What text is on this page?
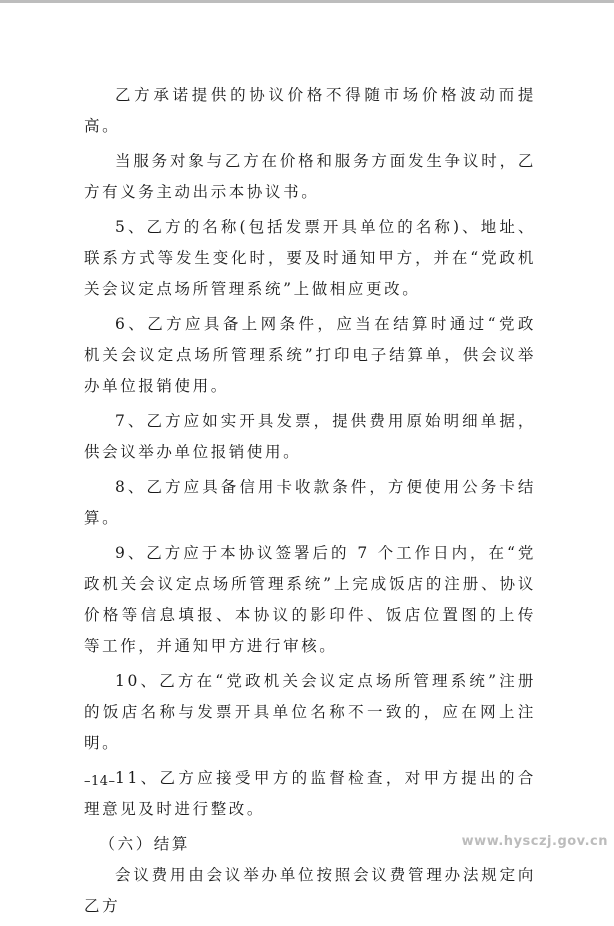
乙方承诺提供的协议价格不得随市场价格波动而提高。

当服务对象与乙方在价格和服务方面发生争议时，乙方有义务主动出示本协议书。

5、乙方的名称(包括发票开具单位的名称)、地址、联系方式等发生变化时，要及时通知甲方，并在“党政机关会议定点场所管理系统”上做相应更改。

6、乙方应具备上网条件，应当在结算时通过“党政机关会议定点场所管理系统”打印电子结算单，供会议举办单位报销使用。

7、乙方应如实开具发票，提供费用原始明细单据，供会议举办单位报销使用。

8、乙方应具备信用卡收款条件，方便使用公务卡结算。

9、乙方应于本协议签署后的 7 个工作日内，在“党政机关会议定点场所管理系统”上完成饭店的注册、协议价格等信息填报、本协议的影印件、饭店位置图的上传等工作，并通知甲方进行审核。

10、乙方在“党政机关会议定点场所管理系统”注册的饭店名称与发票开具单位名称不一致的，应在网上注明。

11、乙方应接受甲方的监督检查，对甲方提出的合理意见及时进行整改。

（六）结算

会议费用由会议举办单位按照会议费管理办法规定向乙方

–14–
www.hysczj.gov.cn
